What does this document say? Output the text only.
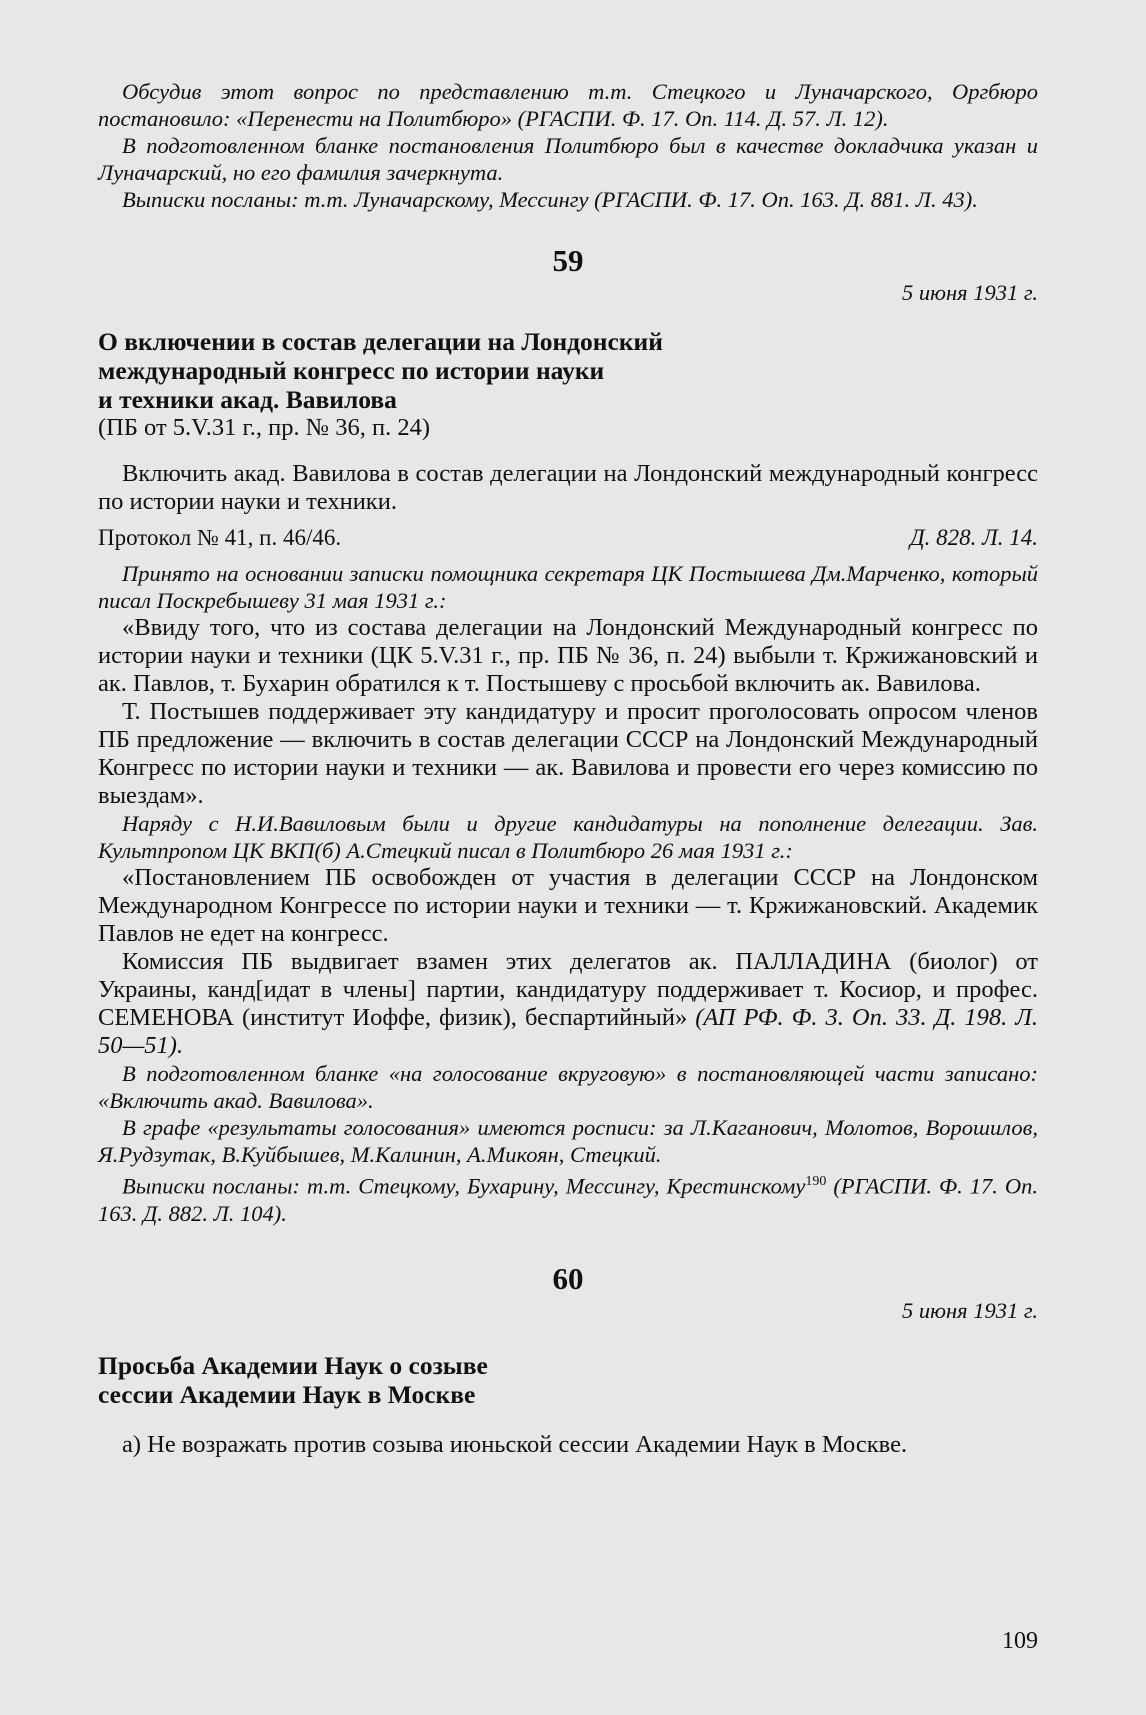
Обсудив этот вопрос по представлению т.т. Стецкого и Луначарского, Оргбюро постановило: «Перенести на Политбюро» (РГАСПИ. Ф. 17. Оп. 114. Д. 57. Л. 12).

В подготовленном бланке постановления Политбюро был в качестве докладчика указан и Луначарский, но его фамилия зачеркнута.

Выписки посланы: т.т. Луначарскому, Мессингу (РГАСПИ. Ф. 17. Оп. 163. Д. 881. Л. 43).

59

5 июня 1931 г.

О включении в состав делегации на Лондонский

международный конгресс по истории науки

и техники акад. Вавилова

(ПБ от 5.V.31 г., пр. № 36, п. 24)

Включить акад. Вавилова в состав делегации на Лондонский международный конгресс по истории науки и техники.

Протокол № 41, п. 46/46.	Д. 828. Л. 14.

Принято на основании записки помощника секретаря ЦК Постышева Дм.Марченко, который писал Поскребышеву 31 мая 1931 г.:

«Ввиду того, что из состава делегации на Лондонский Международный конгресс по истории науки и техники (ЦК 5.V.31 г., пр. ПБ № 36, п. 24) выбыли т. Кржижановский и ак. Павлов, т. Бухарин обратился к т. Постышеву с просьбой включить ак. Вавилова.

Т. Постышев поддерживает эту кандидатуру и просит проголосовать опросом членов ПБ предложение — включить в состав делегации СССР на Лондонский Международный Конгресс по истории науки и техники — ак. Вавилова и провести его через комиссию по выездам».

Наряду с Н.И.Вавиловым были и другие кандидатуры на пополнение делегации. Зав. Культпропом ЦК ВКП(б) А.Стецкий писал в Политбюро 26 мая 1931 г.:

«Постановлением ПБ освобожден от участия в делегации СССР на Лондонском Международном Конгрессе по истории науки и техники — т. Кржижановский. Академик Павлов не едет на конгресс.

Комиссия ПБ выдвигает взамен этих делегатов ак. ПАЛЛАДИНА (биолог) от Украины, канд[идат в члены] партии, кандидатуру поддерживает т. Косиор, и профес. СЕМЕНОВА (институт Иоффе, физик), беспартийный» (АП РФ. Ф. 3. Оп. 33. Д. 198. Л. 50—51).

В подготовленном бланке «на голосование вкруговую» в постановляющей части записано: «Включить акад. Вавилова».

В графе «результаты голосования» имеются росписи: за Л.Каганович, Молотов, Ворошилов, Я.Рудзутак, В.Куйбышев, М.Калинин, А.Микоян, Стецкий.

Выписки посланы: т.т. Стецкому, Бухарину, Мессингу, Крестинскому$^{190}$ (РГАСПИ. Ф. 17. Оп. 163. Д. 882. Л. 104).

60

5 июня 1931 г.

Просьба Академии Наук о созыве

сессии Академии Наук в Москве

а) Не возражать против созыва июньской сессии Академии Наук в Москве.

109
